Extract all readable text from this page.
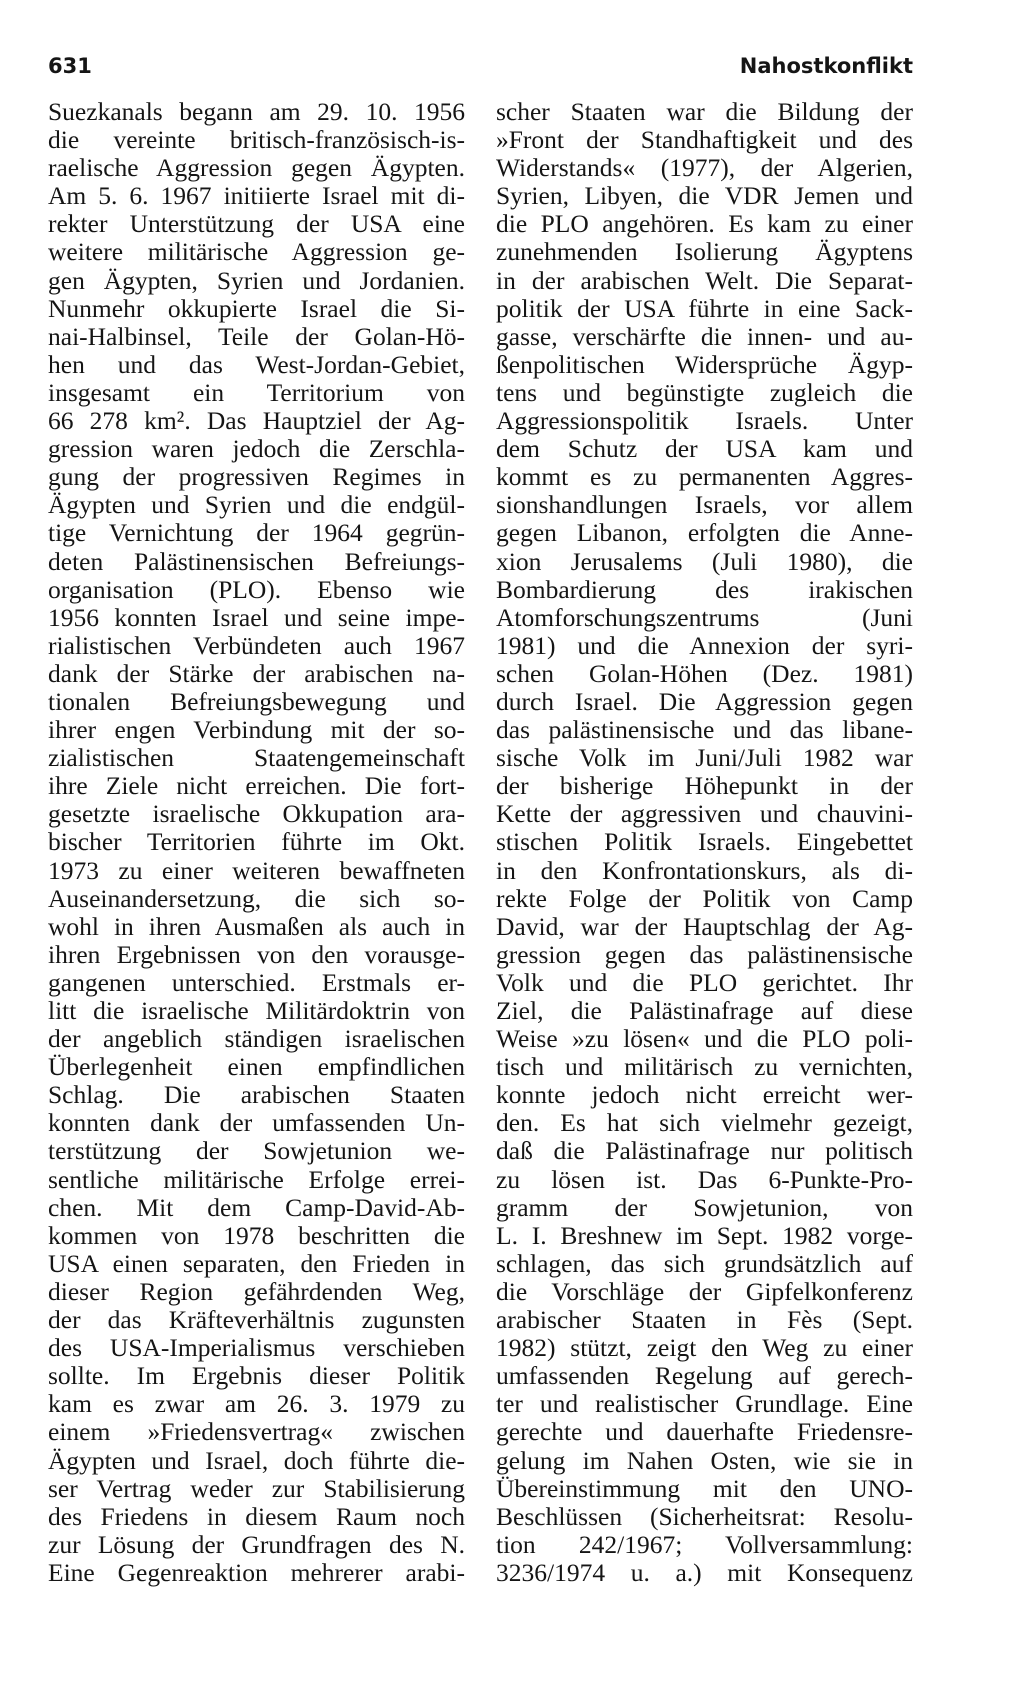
631	Nahostkonflikt
Suezkanals begann am 29. 10. 1956
die vereinte britisch-französisch-is-
raelische Aggression gegen Ägypten.
Am 5. 6. 1967 initiierte Israel mit di-
rekter Unterstützung der USA eine
weitere militärische Aggression ge-
gen Ägypten, Syrien und Jordanien.
Nunmehr okkupierte Israel die Si-
nai-Halbinsel, Teile der Golan-Hö-
hen und das West-Jordan-Gebiet,
insgesamt ein Territorium von
66 278 km². Das Hauptziel der Ag-
gression waren jedoch die Zerschla-
gung der progressiven Regimes in
Ägypten und Syrien und die endgül-
tige Vernichtung der 1964 gegrün-
deten Palästinensischen Befreiungs-
organisation (PLO). Ebenso wie
1956 konnten Israel und seine impe-
rialistischen Verbündeten auch 1967
dank der Stärke der arabischen na-
tionalen Befreiungsbewegung und
ihrer engen Verbindung mit der so-
zialistischen Staatengemeinschaft
ihre Ziele nicht erreichen. Die fort-
gesetzte israelische Okkupation ara-
bischer Territorien führte im Okt.
1973 zu einer weiteren bewaffneten
Auseinandersetzung, die sich so-
wohl in ihren Ausmaßen als auch in
ihren Ergebnissen von den vorausge-
gangenen unterschied. Erstmals er-
litt die israelische Militärdoktrin von
der angeblich ständigen israelischen
Überlegenheit einen empfindlichen
Schlag. Die arabischen Staaten
konnten dank der umfassenden Un-
terstützung der Sowjetunion we-
sentliche militärische Erfolge errei-
chen. Mit dem Camp-David-Ab-
kommen von 1978 beschritten die
USA einen separaten, den Frieden in
dieser Region gefährdenden Weg,
der das Kräfteverhältnis zugunsten
des USA-Imperialismus verschieben
sollte. Im Ergebnis dieser Politik
kam es zwar am 26. 3. 1979 zu
einem »Friedensvertrag« zwischen
Ägypten und Israel, doch führte die-
ser Vertrag weder zur Stabilisierung
des Friedens in diesem Raum noch
zur Lösung der Grundfragen des N.
Eine Gegenreaktion mehrerer arabi-
scher Staaten war die Bildung der
»Front der Standhaftigkeit und des
Widerstands« (1977), der Algerien,
Syrien, Libyen, die VDR Jemen und
die PLO angehören. Es kam zu einer
zunehmenden Isolierung Ägyptens
in der arabischen Welt. Die Separat-
politik der USA führte in eine Sack-
gasse, verschärfte die innen- und au-
ßenpolitischen Widersprüche Ägyp-
tens und begünstigte zugleich die
Aggressionspolitik Israels. Unter
dem Schutz der USA kam und
kommt es zu permanenten Aggres-
sionshandlungen Israels, vor allem
gegen Libanon, erfolgten die Anne-
xion Jerusalems (Juli 1980), die
Bombardierung des irakischen
Atomforschungszentrums (Juni
1981) und die Annexion der syri-
schen Golan-Höhen (Dez. 1981)
durch Israel. Die Aggression gegen
das palästinensische und das libane-
sische Volk im Juni/Juli 1982 war
der bisherige Höhepunkt in der
Kette der aggressiven und chauvini-
stischen Politik Israels. Eingebettet
in den Konfrontationskurs, als di-
rekte Folge der Politik von Camp
David, war der Hauptschlag der Ag-
gression gegen das palästinensische
Volk und die PLO gerichtet. Ihr
Ziel, die Palästinafrage auf diese
Weise »zu lösen« und die PLO poli-
tisch und militärisch zu vernichten,
konnte jedoch nicht erreicht wer-
den. Es hat sich vielmehr gezeigt,
daß die Palästinafrage nur politisch
zu lösen ist. Das 6-Punkte-Pro-
gramm der Sowjetunion, von
L. I. Breshnew im Sept. 1982 vorge-
schlagen, das sich grundsätzlich auf
die Vorschläge der Gipfelkonferenz
arabischer Staaten in Fès (Sept.
1982) stützt, zeigt den Weg zu einer
umfassenden Regelung auf gerech-
ter und realistischer Grundlage. Eine
gerechte und dauerhafte Friedensre-
gelung im Nahen Osten, wie sie in
Übereinstimmung mit den UNO-
Beschlüssen (Sicherheitsrat: Resolu-
tion 242/1967; Vollversammlung:
3236/1974 u. a.) mit Konsequenz
